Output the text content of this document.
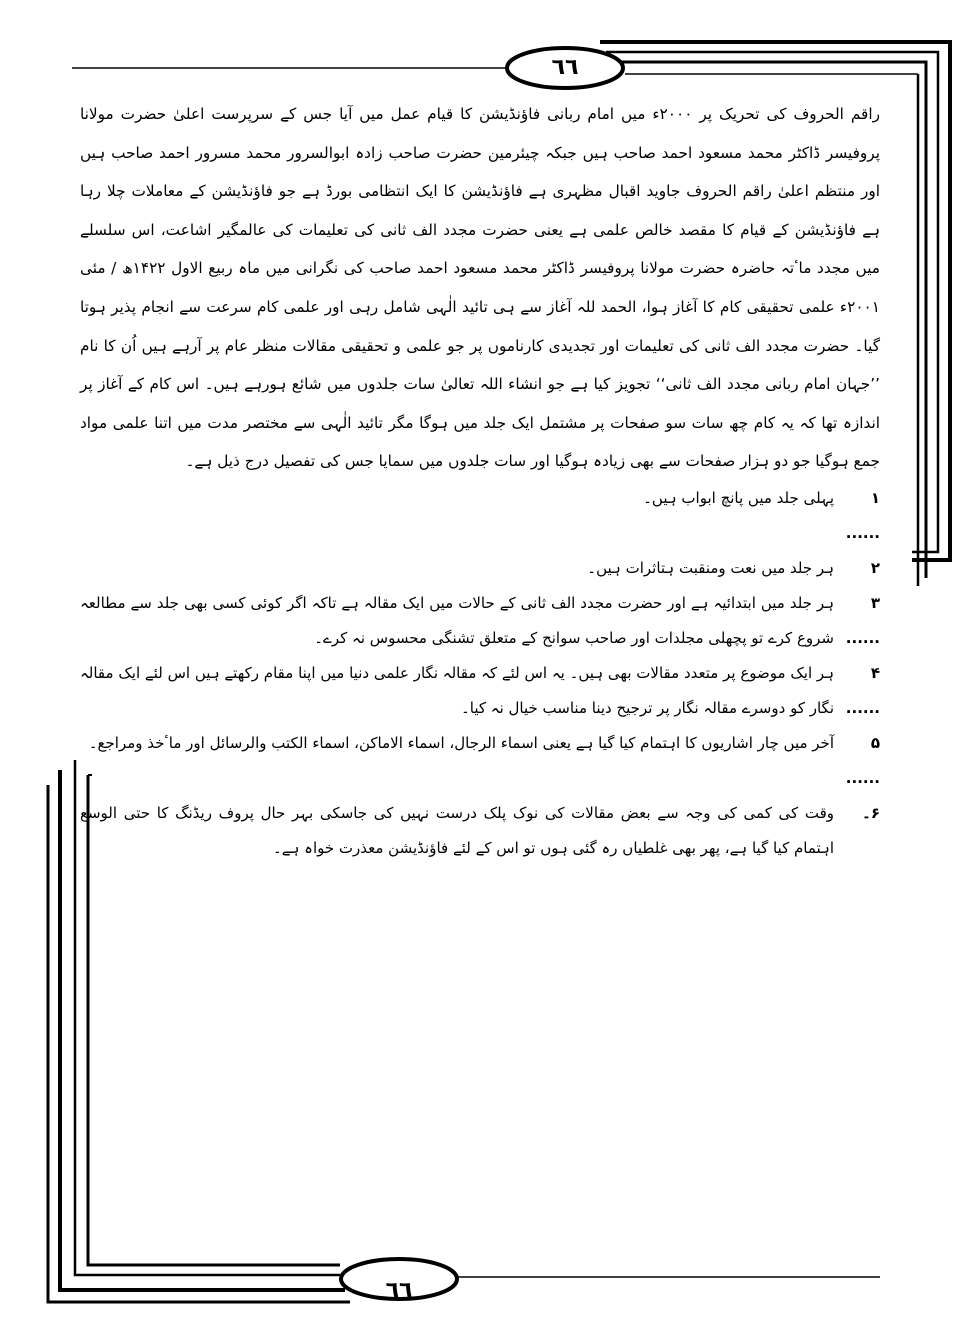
٦٦
٦٦

راقم الحروف کی تحریک پر ۲۰۰۰ء میں امام ربانی فاؤنڈیشن کا قیام عمل میں آیا جس کے سرپرست اعلیٰ حضرت مولانا پروفیسر ڈاکٹر محمد مسعود احمد صاحب ہیں جبکہ چیئرمین حضرت صاحب زادہ ابوالسرور محمد مسرور احمد صاحب ہیں اور منتظم اعلیٰ راقم الحروف جاوید اقبال مظہری ہے فاؤنڈیشن کا ایک انتظامی بورڈ ہے جو فاؤنڈیشن کے معاملات چلا رہا ہے فاؤنڈیشن کے قیام کا مقصد خالص علمی ہے یعنی حضرت مجدد الف ثانی کی تعلیمات کی عالمگیر اشاعت، اس سلسلے میں مجدد ماٴتہ حاضرہ حضرت مولانا پروفیسر ڈاکٹر محمد مسعود احمد صاحب کی نگرانی میں ماہ ربیع الاول ۱۴۲۲ھ / مئی ۲۰۰۱ء علمی تحقیقی کام کا آغاز ہوا، الحمد للہ آغاز سے ہی تائید الٰہی شامل رہی اور علمی کام سرعت سے انجام پذیر ہوتا گیا۔ حضرت مجدد الف ثانی کی تعلیمات اور تجدیدی کارناموں پر جو علمی و تحقیقی مقالات منظر عام پر آرہے ہیں اُن کا نام ’’جہان امام ربانی مجدد الف ثانی‘‘ تجویز کیا ہے جو انشاء اللہ تعالیٰ سات جلدوں میں شائع ہورہے ہیں۔ اس کام کے آغاز پر اندازہ تھا کہ یہ کام چھ سات سو صفحات پر مشتمل ایک جلد میں ہوگا مگر تائید الٰہی سے مختصر مدت میں اتنا علمی مواد جمع ہوگیا جو دو ہزار صفحات سے بھی زیادہ ہوگیا اور سات جلدوں میں سمایا جس کی تفصیل درج ذیل ہے۔

۱ ......
پہلی جلد میں پانچ ابواب ہیں۔
۲
ہر جلد میں نعت ومنقبت ہتاثرات ہیں۔
۳ ......
ہر جلد میں ابتدائیہ ہے اور حضرت مجدد الف ثانی کے حالات میں ایک مقالہ ہے تاکہ اگر کوئی کسی بھی جلد سے مطالعہ شروع کرے تو پچھلی مجلدات اور صاحب سوانح کے متعلق تشنگی محسوس نہ کرے۔
۴ ......
ہر ایک موضوع پر متعدد مقالات بھی ہیں۔ یہ اس لئے کہ مقالہ نگار علمی دنیا میں اپنا مقام رکھتے ہیں اس لئے ایک مقالہ نگار کو دوسرے مقالہ نگار پر ترجیح دینا مناسب خیال نہ کیا۔
۵ ......
آخر میں چار اشاریوں کا اہتمام کیا گیا ہے یعنی اسماء الرجال، اسماء الاماکن، اسماء الکتب والرسائل اور ماٴخذ ومراجع۔
۶۔
وقت کی کمی کی وجہ سے بعض مقالات کی نوک پلک درست نہیں کی جاسکی بہر حال پروف ریڈنگ کا حتی الوسع اہتمام کیا گیا ہے، پھر بھی غلطیاں رہ گئی ہوں تو اس کے لئے فاؤنڈیشن معذرت خواہ ہے۔
